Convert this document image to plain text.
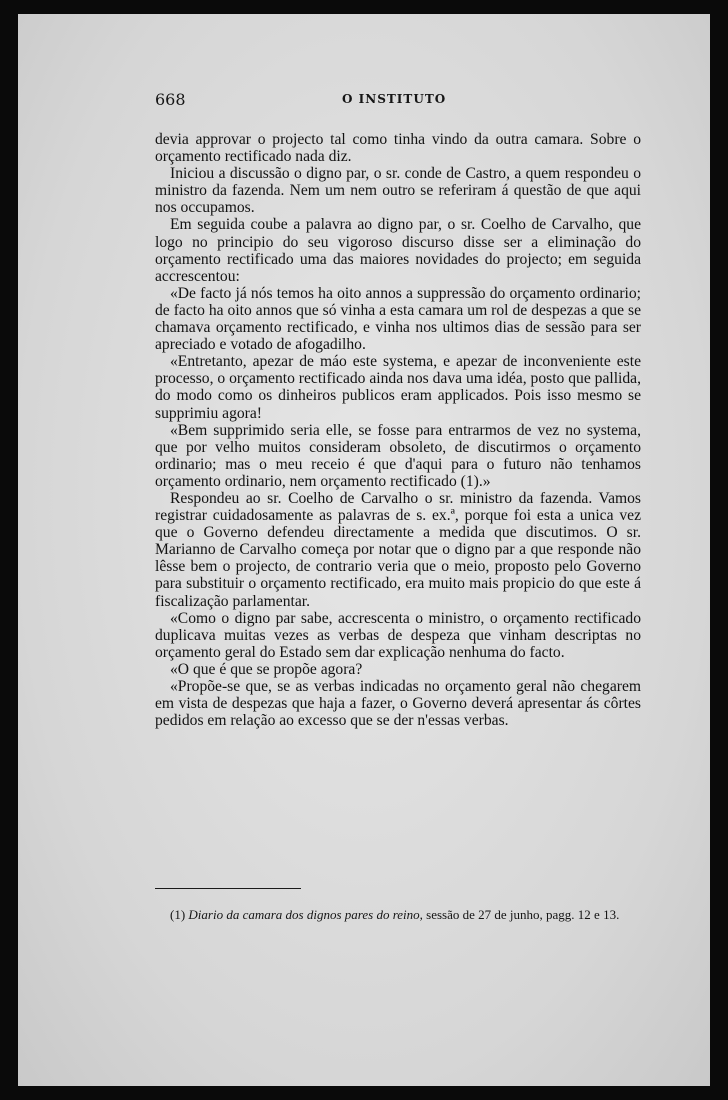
668	O INSTITUTO

devia approvar o projecto tal como tinha vindo da outra camara. Sobre o orçamento rectificado nada diz.

Iniciou a discussão o digno par, o sr. conde de Castro, a quem respondeu o ministro da fazenda. Nem um nem outro se referiram á questão de que aqui nos occupamos.

Em seguida coube a palavra ao digno par, o sr. Coelho de Carvalho, que logo no principio do seu vigoroso discurso disse ser a eliminação do orçamento rectificado uma das maiores novidades do projecto; em seguida accrescentou:

«De facto já nós temos ha oito annos a suppressão do orçamento ordinario; de facto ha oito annos que só vinha a esta camara um rol de despezas a que se chamava orçamento rectificado, e vinha nos ultimos dias de sessão para ser apreciado e votado de afogadilho.

«Entretanto, apezar de máo este systema, e apezar de inconveniente este processo, o orçamento rectificado ainda nos dava uma idéa, posto que pallida, do modo como os dinheiros publicos eram applicados. Pois isso mesmo se supprimiu agora!

«Bem supprimido seria elle, se fosse para entrarmos de vez no systema, que por velho muitos consideram obsoleto, de discutirmos o orçamento ordinario; mas o meu receio é que d'aqui para o futuro não tenhamos orçamento ordinario, nem orçamento rectificado (1).»

Respondeu ao sr. Coelho de Carvalho o sr. ministro da fazenda. Vamos registrar cuidadosamente as palavras de s. ex.ª, porque foi esta a unica vez que o Governo defendeu directamente a medida que discutimos. O sr. Marianno de Carvalho começa por notar que o digno par a que responde não lêsse bem o projecto, de contrario veria que o meio, proposto pelo Governo para substituir o orçamento rectificado, era muito mais propicio do que este á fiscalização parlamentar.

«Como o digno par sabe, accrescenta o ministro, o orçamento rectificado duplicava muitas vezes as verbas de despeza que vinham descriptas no orçamento geral do Estado sem dar explicação nenhuma do facto.

«O que é que se propõe agora?

«Propõe-se que, se as verbas indicadas no orçamento geral não chegarem em vista de despezas que haja a fazer, o Governo deverá apresentar ás côrtes pedidos em relação ao excesso que se der n'essas verbas.

(1) Diario da camara dos dignos pares do reino, sessão de 27 de junho, pagg. 12 e 13.
